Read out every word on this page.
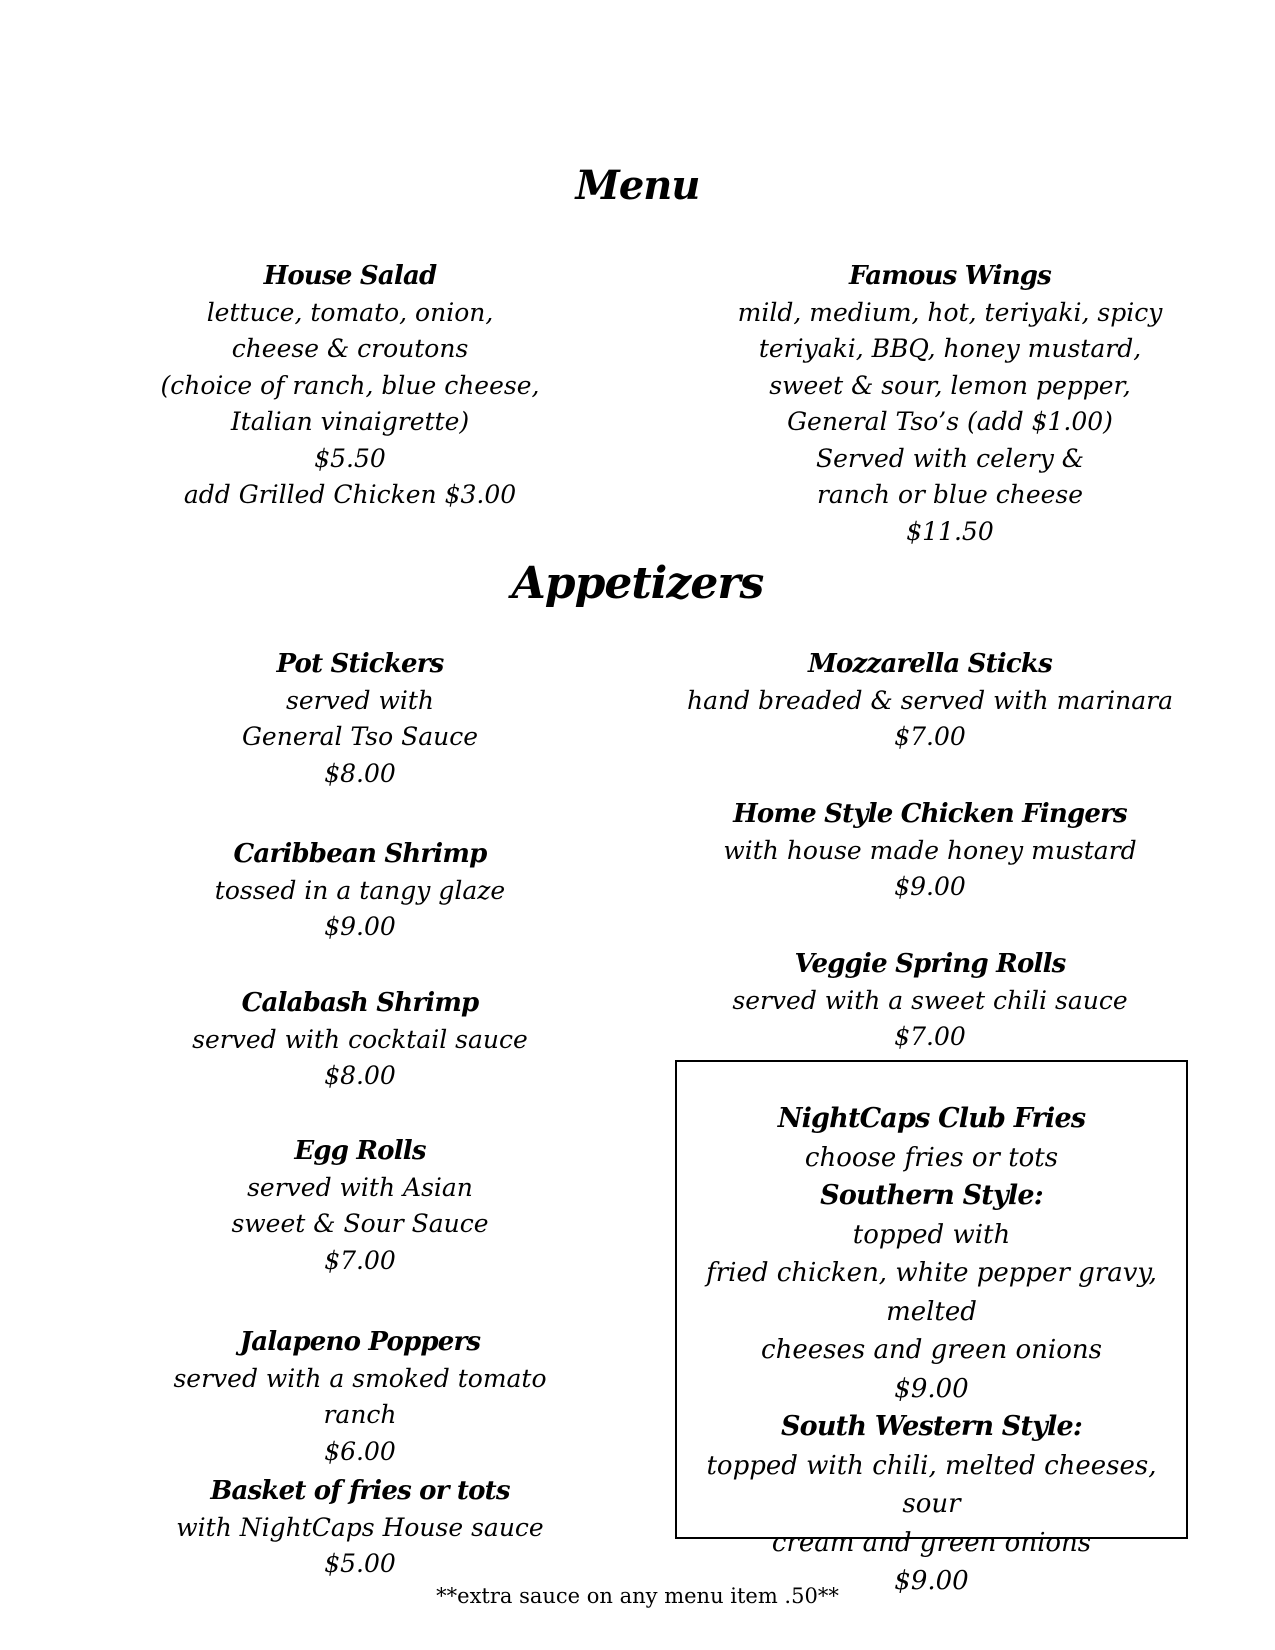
Menu
House Salad
lettuce, tomato, onion,
cheese & croutons
(choice of ranch, blue cheese,
Italian vinaigrette)
$5.50
add Grilled Chicken $3.00
Famous Wings
mild, medium, hot, teriyaki, spicy
teriyaki, BBQ, honey mustard,
sweet & sour, lemon pepper,
General Tso’s (add $1.00)
Served with celery &
ranch or blue cheese
$11.50
Appetizers
Pot Stickers
served with
General Tso Sauce
$8.00
Caribbean Shrimp
tossed in a tangy glaze
$9.00
Calabash Shrimp
served with cocktail sauce
$8.00
Egg Rolls
served with Asian
sweet & Sour Sauce
$7.00
Jalapeno Poppers
served with a smoked tomato ranch
$6.00
Basket of fries or tots
with NightCaps House sauce $5.00
Mozzarella Sticks
hand breaded & served with marinara
$7.00
Home Style Chicken Fingers
with house made honey mustard
$9.00
Veggie Spring Rolls
served with a sweet chili sauce
$7.00
NightCaps Club Fries
choose fries or tots
Southern Style:
topped with
fried chicken, white pepper gravy, melted
cheeses and green onions
$9.00
South Western Style:
topped with chili, melted cheeses, sour
cream and green onions
$9.00
**extra sauce on any menu item .50**
